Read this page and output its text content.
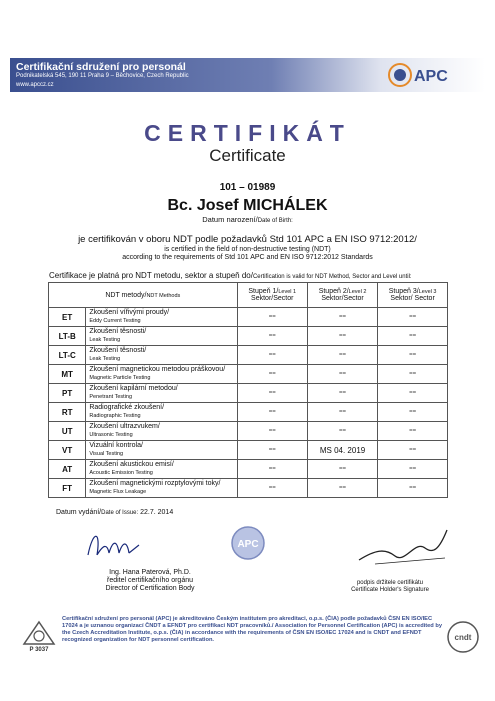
Certifikační sdružení pro personál
Podnikatelská 545, 190 11 Praha 9 – Běchovice, Czech Republic
www.apccz.cz	APC
CERTIFIKÁT
Certificate
101 – 01989
Bc. Josef MICHÁLEK
Datum narození/Date of Birth:
je certifikován v oboru NDT podle požadavků Std 101 APC a EN ISO 9712:2012/
is certified in the field of non-destructive testing (NDT)
according to the requirements of Std 101 APC and EN ISO 9712:2012 Standards
Certifikace je platná pro NDT metodu, sektor a stupeň do/Certification is valid for NDT Method, Sector and Level until:
NDT metody/NDT Methods		Stupeň 1/Level 1
Sektor/Sector	Stupeň 2/Level 2
Sektor/Sector	Stupeň 3/Level 3
Sektor/ Sector
ET	Zkoušení vířivými proudy/
Eddy Current Testing	==	==	==
LT-B	Zkoušení těsnosti/
Leak Testing	==	==	==
LT-C	Zkoušení těsnosti/
Leak Testing	==	==	==
MT	Zkoušení magnetickou metodou práškovou/
Magnetic Particle Testing	==	==	==
PT	Zkoušení kapilární metodou/
Penetrant Testing	==	==	==
RT	Radiografické zkoušení/
Radiographic Testing	==	==	==
UT	Zkoušení ultrazvukem/
Ultrasonic Testing	==	==	==
VT	Vizuální kontrola/
Visual Testing	==	MS 04. 2019	==
AT	Zkoušení akustickou emisí/
Acoustic Emission Testing	==	==	==
FT	Zkoušení magnetickými rozptylovými toky/
Magnetic Flux Leakage	==	==	==
Datum vydání/Date of Issue: 22.7. 2014
APC
Ing. Hana Paterová, Ph.D.
ředitel certifikačního orgánu
Director of Certification Body
podpis držitele certifikátu
Certificate Holder's Signature
P 3037
Certifikační sdružení pro personál (APC) je akreditováno Českým institutem pro akreditaci, o.p.s. (ČIA) podle požadavků ČSN EN ISO/IEC 17024 a je uznanou organizací ČNDT a EFNDT pro certifikaci NDT pracovníků./ Association for Personnel Certification (APC) is accredited by the Czech Accreditation Institute, o.p.s. (ČIA) in accordance with the requirements of ČSN EN ISO/IEC 17024 and is CNDT and EFNDT recognized organization for NDT personnel certification.	cndt
